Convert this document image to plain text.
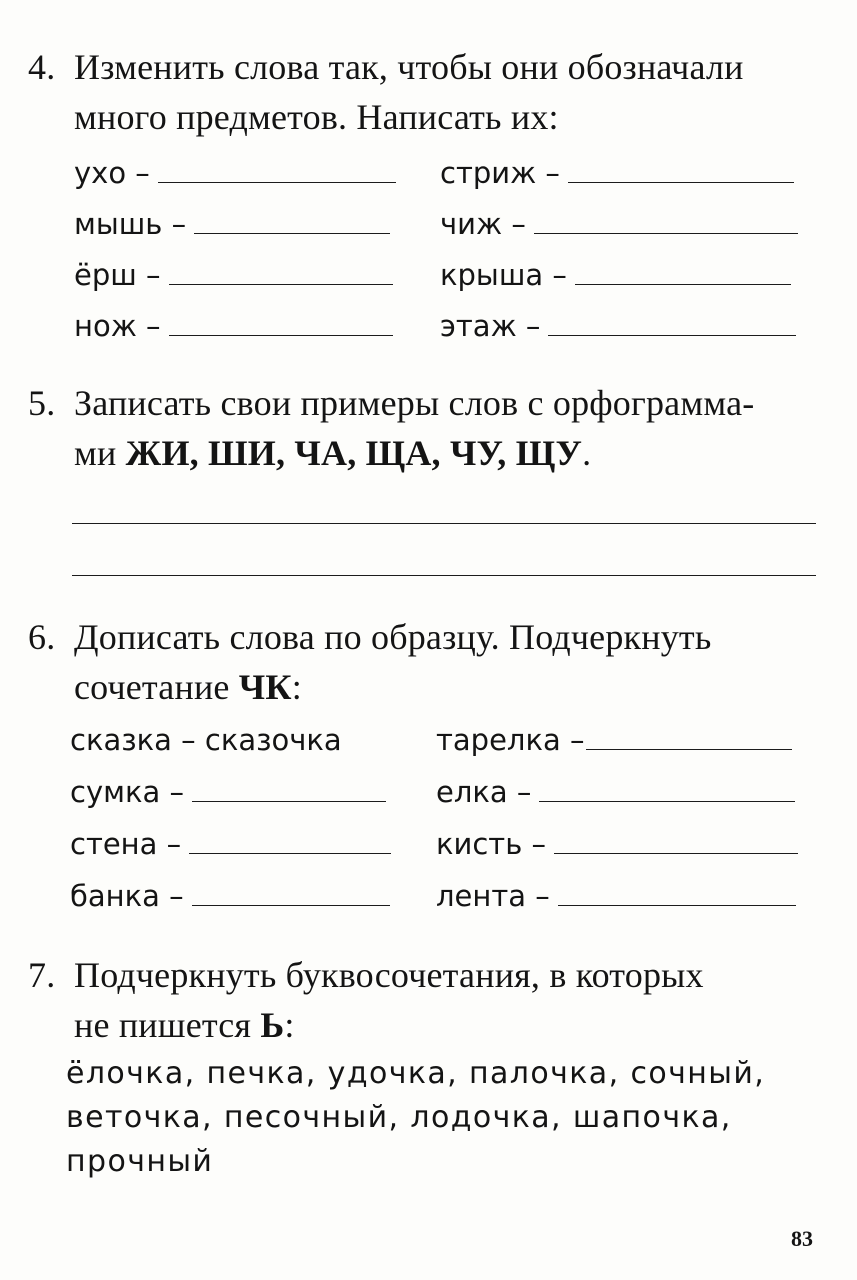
4. Изменить слова так, чтобы они обозначали
много предметов. Написать их:
ухо –	стриж –
мышь –	чиж –
ёрш –	крыша –
нож –	этаж –
5. Записать свои примеры слов с орфограмма-
ми ЖИ, ШИ, ЧА, ЩА, ЧУ, ЩУ.
6. Дописать слова по образцу. Подчеркнуть
сочетание ЧК:
сказка – сказочка	тарелка –
сумка –	елка –
стена –	кисть –
банка –	лента –
7. Подчеркнуть буквосочетания, в которых
не пишется Ь:
ёлочка, печка, удочка, палочка, сочный,
веточка, песочный, лодочка, шапочка,
прочный
83
